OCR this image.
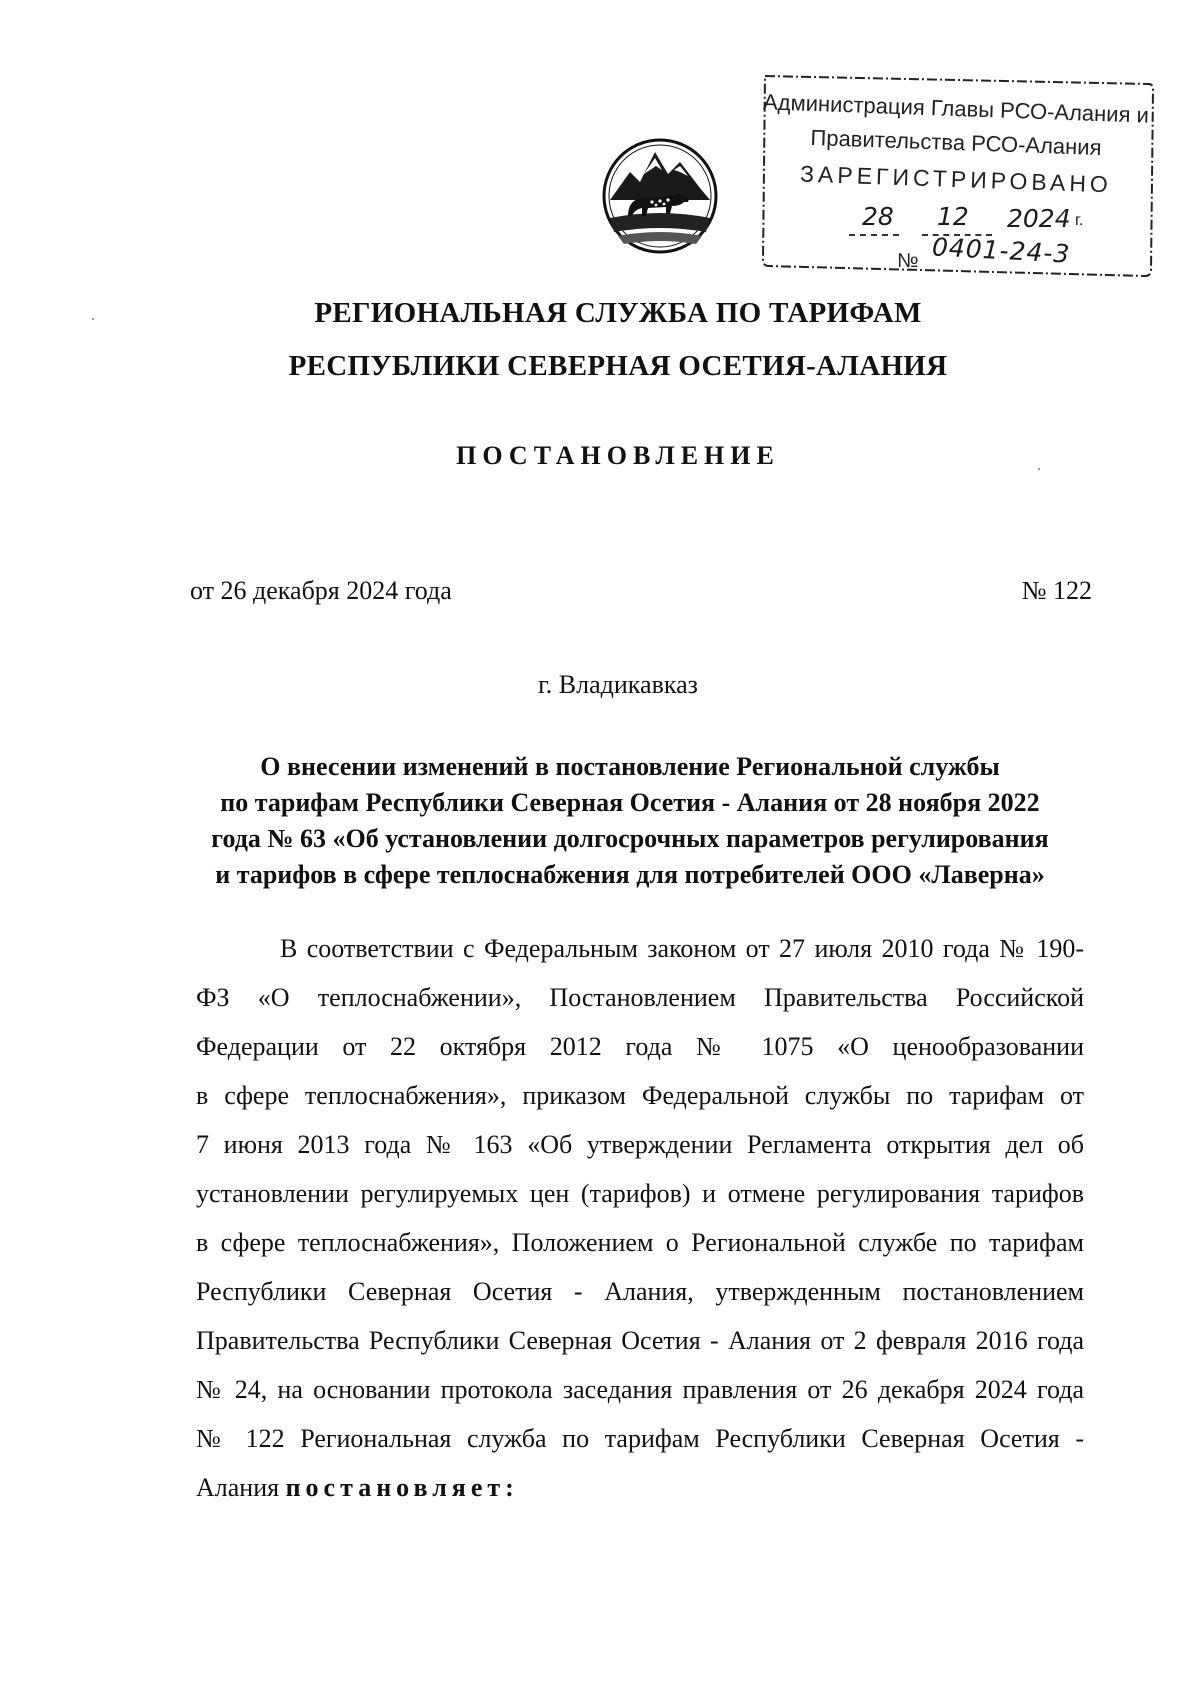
Администрация Главы РСО-Алания и
Правительства РСО-Алания
ЗАРЕГИСТРИРОВАНО
28 12 2024 г.
№ 0401-24-3
РЕГИОНАЛЬНАЯ СЛУЖБА ПО ТАРИФАМ
РЕСПУБЛИКИ СЕВЕРНАЯ ОСЕТИЯ-АЛАНИЯ
ПОСТАНОВЛЕНИЕ
от 26 декабря 2024 года	№ 122
г. Владикавказ
О внесении изменений в постановление Региональной службы
по тарифам Республики Северная Осетия - Алания от 28 ноября 2022
года № 63 «Об установлении долгосрочных параметров регулирования
и тарифов в сфере теплоснабжения для потребителей ООО «Лаверна»
В соответствии с Федеральным законом от 27 июля 2010 года № 190-
ФЗ «О теплоснабжении», Постановлением Правительства Российской
Федерации от 22 октября 2012 года № 1075 «О ценообразовании
в сфере теплоснабжения», приказом Федеральной службы по тарифам от
7 июня 2013 года № 163 «Об утверждении Регламента открытия дел об
установлении регулируемых цен (тарифов) и отмене регулирования тарифов
в сфере теплоснабжения», Положением о Региональной службе по тарифам
Республики Северная Осетия - Алания, утвержденным постановлением
Правительства Республики Северная Осетия - Алания от 2 февраля 2016 года
№ 24, на основании протокола заседания правления от 26 декабря 2024 года
№ 122 Региональная служба по тарифам Республики Северная Осетия -
Алания постановляет:
